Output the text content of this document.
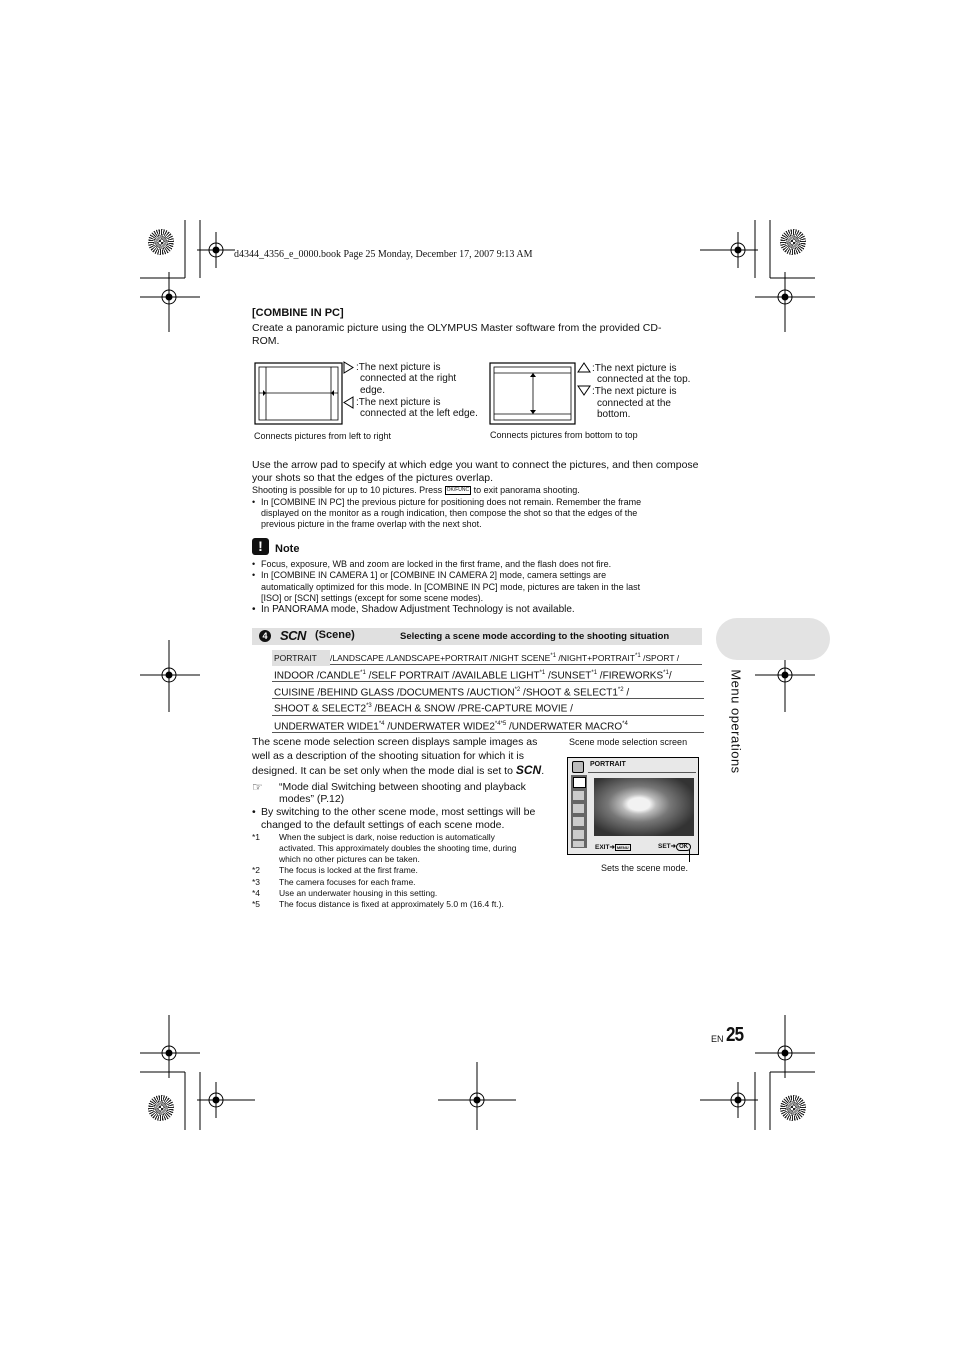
d4344_4356_e_0000.book Page 25 Monday, December 17, 2007 9:13 AM
[COMBINE IN PC]
Create a panoramic picture using the OLYMPUS Master software from the provided CD-
ROM.
:The next picture is
connected at the right
edge.
:The next picture is
connected at the left edge.
Connects pictures from left to right
:The next picture is
connected at the top.
:The next picture is
connected at the
bottom.
Connects pictures from bottom to top
Use the arrow pad to specify at which edge you want to connect the pictures, and then compose
your shots so that the edges of the pictures overlap.
Shooting is possible for up to 10 pictures. Press OK/FUNC to exit panorama shooting.
• In [COMBINE IN PC] the previous picture for positioning does not remain. Remember the frame
displayed on the monitor as a rough indication, then compose the shot so that the edges of the
previous picture in the frame overlap with the next shot.
!	Note
• Focus, exposure, WB and zoom are locked in the first frame, and the flash does not fire.
• In [COMBINE IN CAMERA 1] or [COMBINE IN CAMERA 2] mode, camera settings are
automatically optimized for this mode. In [COMBINE IN PC] mode, pictures are taken in the last
[ISO] or [SCN] settings (except for some scene modes).
• In PANORAMA mode, Shadow Adjustment Technology is not available.
4 SCN (Scene)	Selecting a scene mode according to the shooting situation
PORTRAIT /LANDSCAPE /LANDSCAPE+PORTRAIT /NIGHT SCENE$^{*1}$ $/NIGHT+PORTRAIT^{*1}$ /SPORT /
INDOOR /CANDLE$^{*1}$ /SELF PORTRAIT /AVAILABLE LIGHT$^{*1}$ /SUNSET$^{*1}$ /FIREWORKS$^{*1}$/
CUISINE /BEHIND GLASS /DOCUMENTS /AUCTION$^{*2}$ /SHOOT & SELECT1$^{*2}$ /
SHOOT & SELECT2$^{*3}$ /BEACH & SNOW /PRE-CAPTURE MOVIE /
UNDERWATER WIDE1$^{*4}$ /UNDERWATER $WIDE2^{*4*5}$ /UNDERWATER MACRO$^{*4}$
The scene mode selection screen displays sample images as
well as a description of the shooting situation for which it is
designed. It can be set only when the mode dial is set to SCN.
☞ “Mode dial Switching between shooting and playback
modes” (P.12)
• By switching to the other scene mode, most settings will be
changed to the default settings of each scene mode.
*1 When the subject is dark, noise reduction is automatically
activated. This approximately doubles the shooting time, during
which no other pictures can be taken.
*2 The focus is locked at the first frame.
*3 The camera focuses for each frame.
*4 Use an underwater housing in this setting.
*5 The focus distance is fixed at approximately 5.0 m (16.4 ft.).
Scene mode selection screen
PORTRAIT
EXIT➜ MENU	SET➜ OK
Sets the scene mode.
Menu operations
EN 25
